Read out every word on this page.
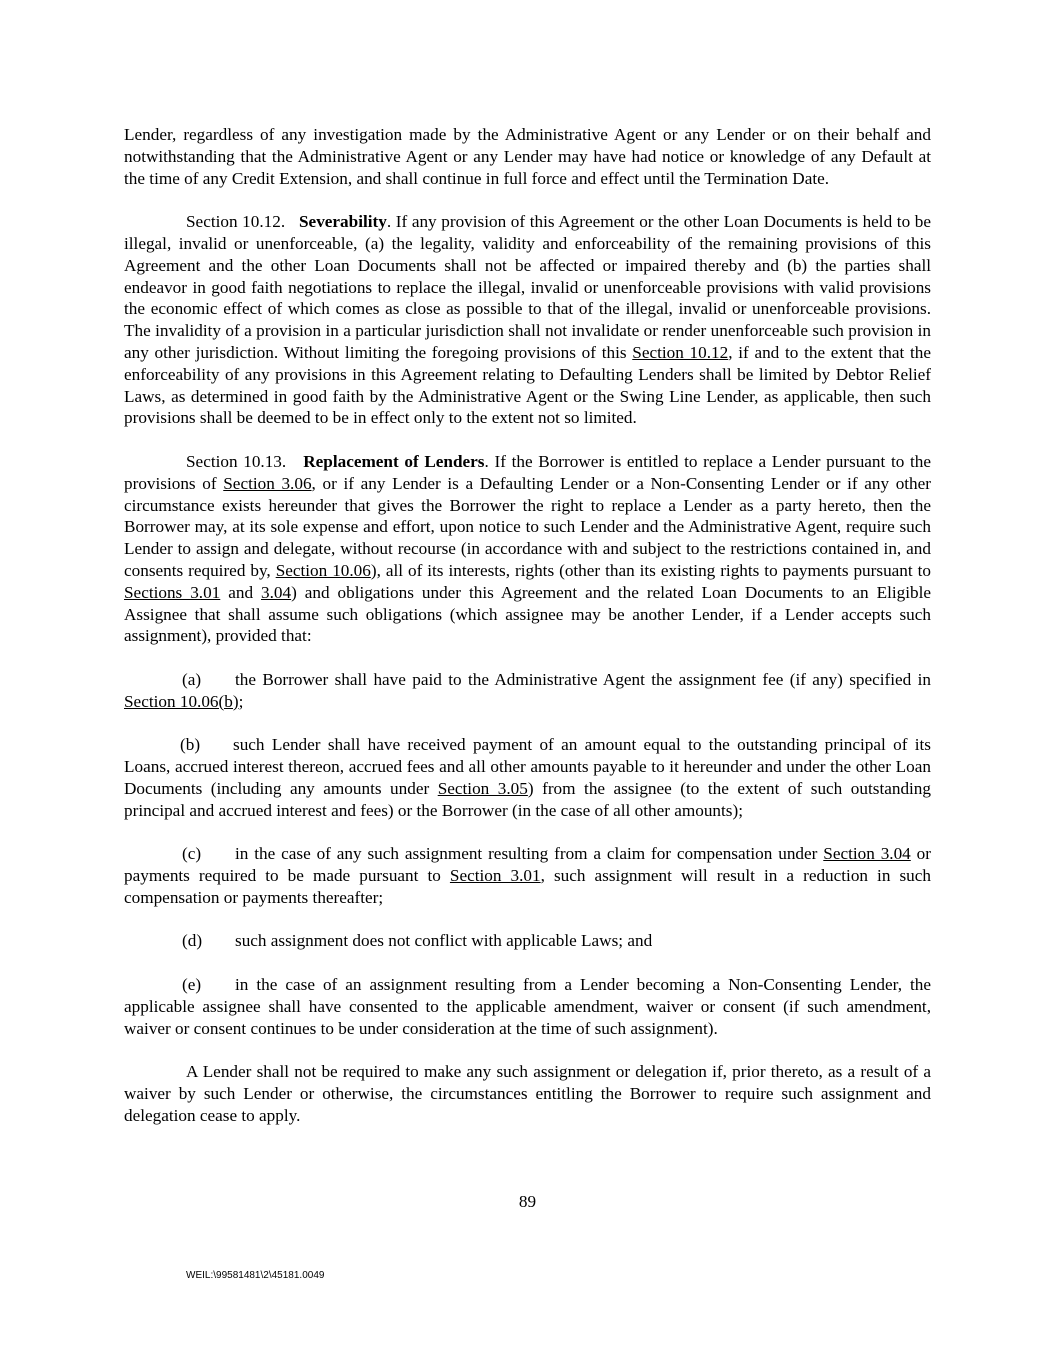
Lender, regardless of any investigation made by the Administrative Agent or any Lender or on their behalf and notwithstanding that the Administrative Agent or any Lender may have had notice or knowledge of any Default at the time of any Credit Extension, and shall continue in full force and effect until the Termination Date.

Section 10.12. Severability. If any provision of this Agreement or the other Loan Documents is held to be illegal, invalid or unenforceable, (a) the legality, validity and enforceability of the remaining provisions of this Agreement and the other Loan Documents shall not be affected or impaired thereby and (b) the parties shall endeavor in good faith negotiations to replace the illegal, invalid or unenforceable provisions with valid provisions the economic effect of which comes as close as possible to that of the illegal, invalid or unenforceable provisions. The invalidity of a provision in a particular jurisdiction shall not invalidate or render unenforceable such provision in any other jurisdiction. Without limiting the foregoing provisions of this Section 10.12, if and to the extent that the enforceability of any provisions in this Agreement relating to Defaulting Lenders shall be limited by Debtor Relief Laws, as determined in good faith by the Administrative Agent or the Swing Line Lender, as applicable, then such provisions shall be deemed to be in effect only to the extent not so limited.

Section 10.13. Replacement of Lenders. If the Borrower is entitled to replace a Lender pursuant to the provisions of Section 3.06, or if any Lender is a Defaulting Lender or a Non-Consenting Lender or if any other circumstance exists hereunder that gives the Borrower the right to replace a Lender as a party hereto, then the Borrower may, at its sole expense and effort, upon notice to such Lender and the Administrative Agent, require such Lender to assign and delegate, without recourse (in accordance with and subject to the restrictions contained in, and consents required by, Section 10.06), all of its interests, rights (other than its existing rights to payments pursuant to Sections 3.01 and 3.04) and obligations under this Agreement and the related Loan Documents to an Eligible Assignee that shall assume such obligations (which assignee may be another Lender, if a Lender accepts such assignment), provided that:

(a) the Borrower shall have paid to the Administrative Agent the assignment fee (if any) specified in Section 10.06(b);

(b) such Lender shall have received payment of an amount equal to the outstanding principal of its Loans, accrued interest thereon, accrued fees and all other amounts payable to it hereunder and under the other Loan Documents (including any amounts under Section 3.05) from the assignee (to the extent of such outstanding principal and accrued interest and fees) or the Borrower (in the case of all other amounts);

(c) in the case of any such assignment resulting from a claim for compensation under Section 3.04 or payments required to be made pursuant to Section 3.01, such assignment will result in a reduction in such compensation or payments thereafter;

(d) such assignment does not conflict with applicable Laws; and

(e) in the case of an assignment resulting from a Lender becoming a Non-Consenting Lender, the applicable assignee shall have consented to the applicable amendment, waiver or consent (if such amendment, waiver or consent continues to be under consideration at the time of such assignment).

A Lender shall not be required to make any such assignment or delegation if, prior thereto, as a result of a waiver by such Lender or otherwise, the circumstances entitling the Borrower to require such assignment and delegation cease to apply.

89
WEIL:\99581481\2\45181.0049
